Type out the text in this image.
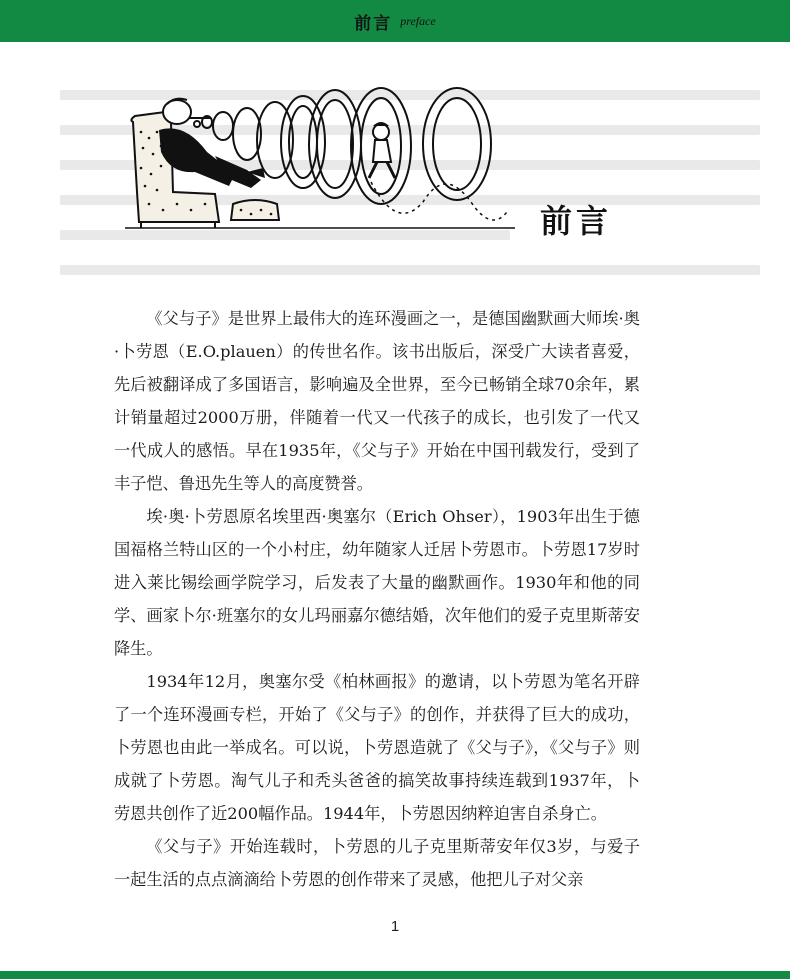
前言 preface
前言

《父与子》是世界上最伟大的连环漫画之一，是德国幽默画大师埃·奥·卜劳恩（E.O.plauen）的传世名作。该书出版后，深受广大读者喜爱，先后被翻译成了多国语言，影响遍及全世界，至今已畅销全球70余年，累计销量超过2000万册，伴随着一代又一代孩子的成长，也引发了一代又一代成人的感悟。早在1935年，《父与子》开始在中国刊载发行，受到了丰子恺、鲁迅先生等人的高度赞誉。

埃·奥·卜劳恩原名埃里西·奥塞尔（Erich Ohser），1903年出生于德国福格兰特山区的一个小村庄，幼年随家人迁居卜劳恩市。卜劳恩17岁时进入莱比锡绘画学院学习，后发表了大量的幽默画作。1930年和他的同学、画家卜尔·班塞尔的女儿玛丽嘉尔德结婚，次年他们的爱子克里斯蒂安降生。

1934年12月，奥塞尔受《柏林画报》的邀请，以卜劳恩为笔名开辟了一个连环漫画专栏，开始了《父与子》的创作，并获得了巨大的成功，卜劳恩也由此一举成名。可以说，卜劳恩造就了《父与子》，《父与子》则成就了卜劳恩。淘气儿子和秃头爸爸的搞笑故事持续连载到1937年，卜劳恩共创作了近200幅作品。1944年，卜劳恩因纳粹迫害自杀身亡。

《父与子》开始连载时，卜劳恩的儿子克里斯蒂安年仅3岁，与爱子一起生活的点点滴滴给卜劳恩的创作带来了灵感，他把儿子对父亲

1
